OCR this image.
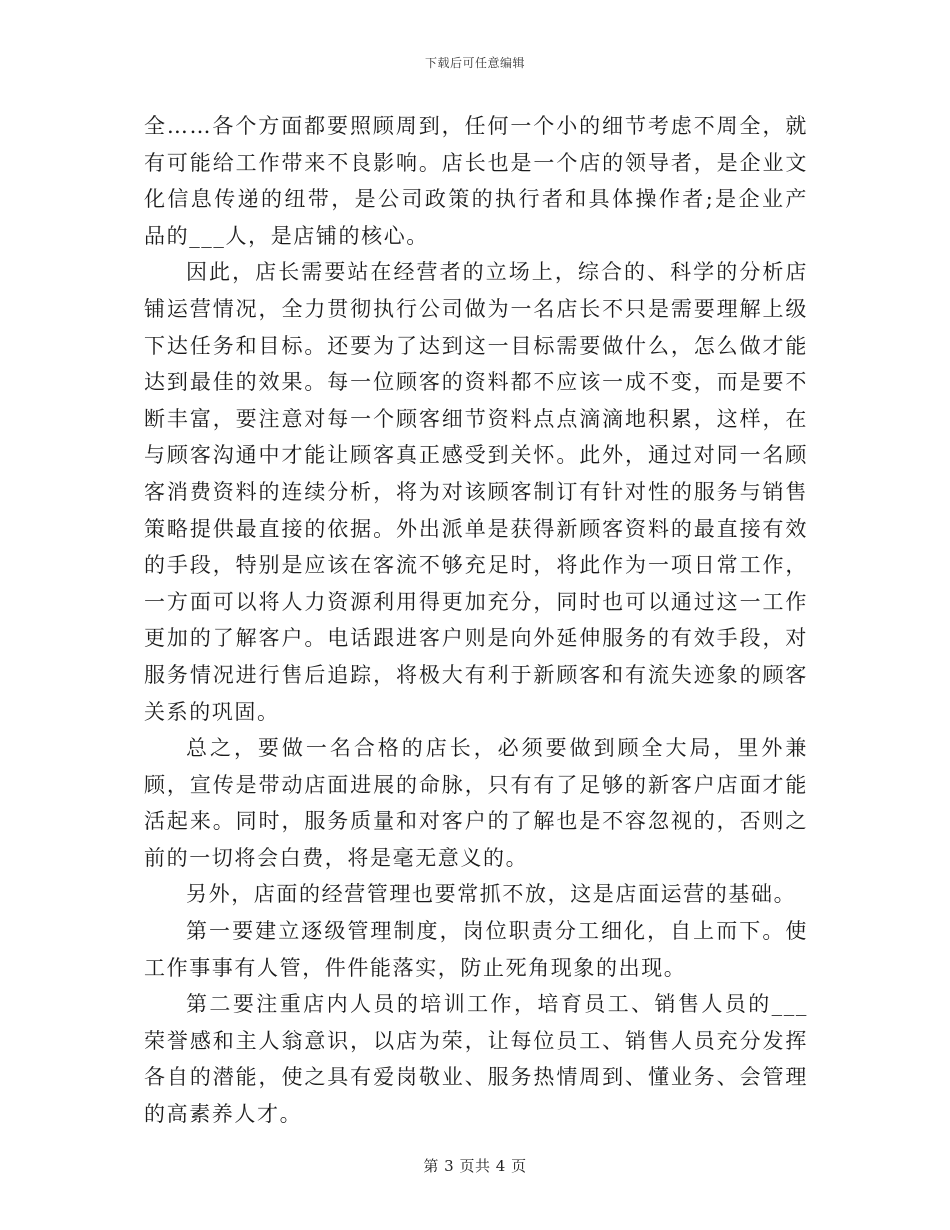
下载后可任意编辑

全……各个方面都要照顾周到，任何一个小的细节考虑不周全，就有可能给工作带来不良影响。店长也是一个店的领导者，是企业文化信息传递的纽带，是公司政策的执行者和具体操作者;是企业产品的___人，是店铺的核心。

因此，店长需要站在经营者的立场上，综合的、科学的分析店铺运营情况，全力贯彻执行公司做为一名店长不只是需要理解上级下达任务和目标。还要为了达到这一目标需要做什么，怎么做才能达到最佳的效果。每一位顾客的资料都不应该一成不变，而是要不断丰富，要注意对每一个顾客细节资料点点滴滴地积累，这样，在与顾客沟通中才能让顾客真正感受到关怀。此外，通过对同一名顾客消费资料的连续分析，将为对该顾客制订有针对性的服务与销售策略提供最直接的依据。外出派单是获得新顾客资料的最直接有效的手段，特别是应该在客流不够充足时，将此作为一项日常工作，一方面可以将人力资源利用得更加充分，同时也可以通过这一工作更加的了解客户。电话跟进客户则是向外延伸服务的有效手段，对服务情况进行售后追踪，将极大有利于新顾客和有流失迹象的顾客关系的巩固。

总之，要做一名合格的店长，必须要做到顾全大局，里外兼顾，宣传是带动店面进展的命脉，只有有了足够的新客户店面才能活起来。同时，服务质量和对客户的了解也是不容忽视的，否则之前的一切将会白费，将是毫无意义的。

另外，店面的经营管理也要常抓不放，这是店面运营的基础。

第一要建立逐级管理制度，岗位职责分工细化，自上而下。使工作事事有人管，件件能落实，防止死角现象的出现。

第二要注重店内人员的培训工作，培育员工、销售人员的___荣誉感和主人翁意识，以店为荣，让每位员工、销售人员充分发挥各自的潜能，使之具有爱岗敬业、服务热情周到、懂业务、会管理的高素养人才。

第 3 页共 4 页
